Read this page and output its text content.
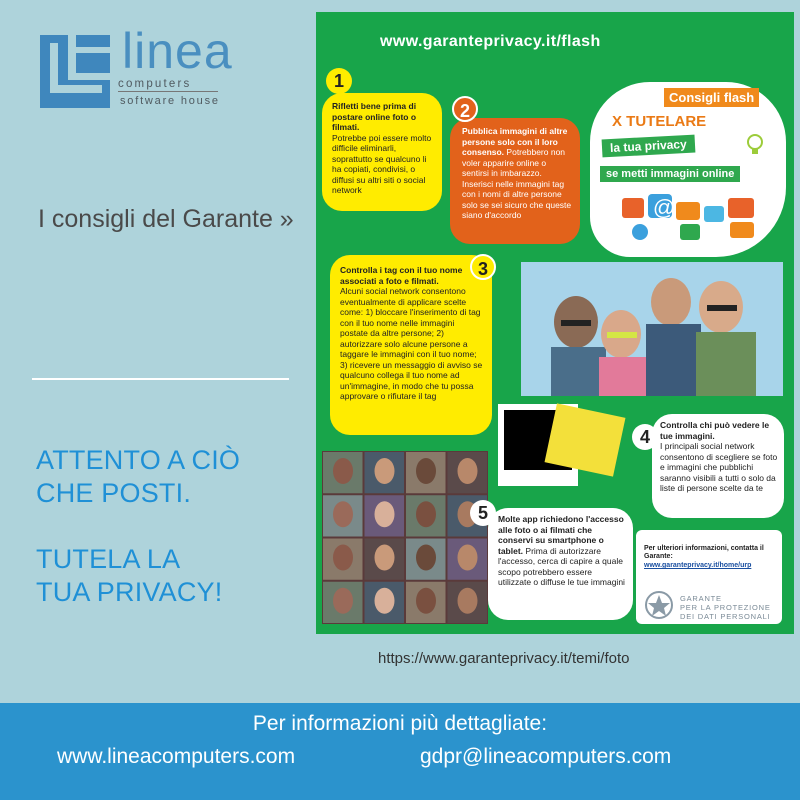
linea
computers
software house
I consigli del Garante »
ATTENTO A CIÒ
CHE POSTI.
TUTELA LA
TUA PRIVACY!
www.garanteprivacy.it/flash
Consigli flash
X TUTELARE
la tua privacy
se metti immagini online
@
Rifletti bene prima di postare online foto o filmati.
Potrebbe poi essere molto difficile eliminarli, soprattutto se qualcuno li ha copiati, condivisi, o diffusi su altri siti o social network
1
Pubblica immagini di altre persone solo con il loro consenso. Potrebbero non voler apparire online o sentirsi in imbarazzo. Inserisci nelle immagini tag con i nomi di altre persone solo se sei sicuro che queste siano d'accordo
2
Controlla i tag con il tuo nome associati a foto e filmati.
Alcuni social network consentono eventualmente di applicare scelte come: 1) bloccare l'inserimento di tag con il tuo nome nelle immagini postate da altre persone; 2) autorizzare solo alcune persone a taggare le immagini con il tuo nome; 3) ricevere un messaggio di avviso se qualcuno collega il tuo nome ad un'immagine, in modo che tu possa approvare o rifiutare il tag
3
Controlla chi può vedere le tue immagini.
I principali social network consentono di scegliere se foto e immagini che pubblichi saranno visibili a tutti o solo da liste di persone scelte da te
4
Molte app richiedono l'accesso alle foto o ai filmati che conservi su smartphone o tablet. Prima di autorizzare l'accesso, cerca di capire a quale scopo potrebbero essere utilizzate o diffuse le tue immagini
5
Per ulteriori informazioni, contatta il Garante:
www.garanteprivacy.it/home/urp
GARANTE
PER LA PROTEZIONE
DEI DATI PERSONALI
https://www.garanteprivacy.it/temi/foto
Per informazioni più dettagliate:
www.lineacomputers.com	gdpr@lineacomputers.com
